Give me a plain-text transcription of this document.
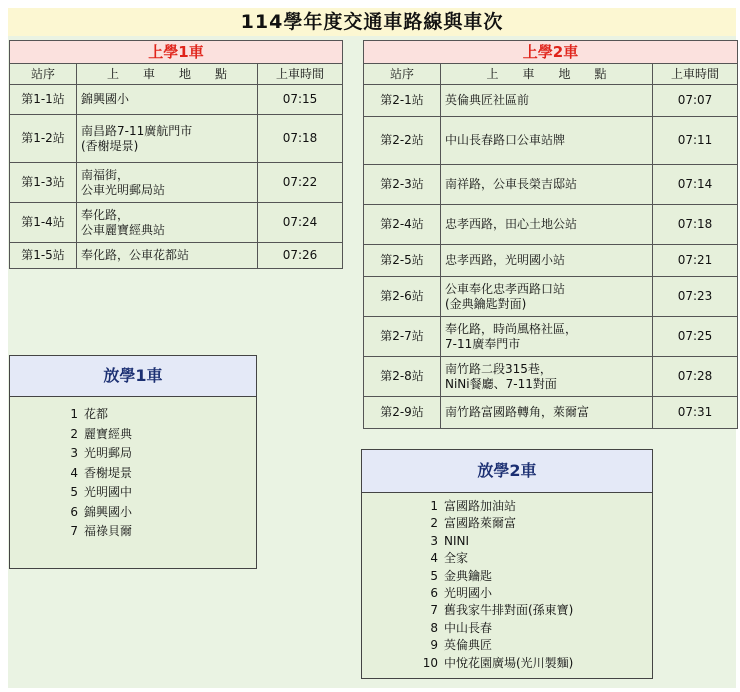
114學年度交通車路線與車次
上學1車		
站序	上　　車　　地　　點	上車時間
第1-1站	錦興國小	07:15
第1-2站	南昌路7-11廣航門市
(香榭堤景)	07:18
第1-3站	南福街，
公車光明郵局站	07:22
第1-4站	奉化路，
公車麗寶經典站	07:24
第1-5站	奉化路，公車花都站	07:26
上學2車		
站序	上　　車　　地　　點	上車時間
第2-1站	英倫典匠社區前	07:07
第2-2站	中山長春路口公車站牌	07:11
第2-3站	南祥路，公車長榮吉邸站	07:14
第2-4站	忠孝西路，田心土地公站	07:18
第2-5站	忠孝西路，光明國小站	07:21
第2-6站	公車奉化忠孝西路口站
(金典鑰匙對面)	07:23
第2-7站	奉化路，時尚風格社區，
7-11廣奉門市	07:25
第2-8站	南竹路二段315巷，
NiNi餐廳、7-11對面	07:28
第2-9站	南竹路富國路轉角，萊爾富	07:31
放學1車
1 花都
2 麗寶經典
3 光明郵局
4 香榭堤景
5 光明國中
6 錦興國小
7 福祿貝爾
放學2車
1 富國路加油站
2 富國路萊爾富
3 NINI
4 全家
5 金典鑰匙
6 光明國小
7 舊我家牛排對面(孫東寶)
8 中山長春
9 英倫典匠
10 中悅花園廣場(光川製麵)
